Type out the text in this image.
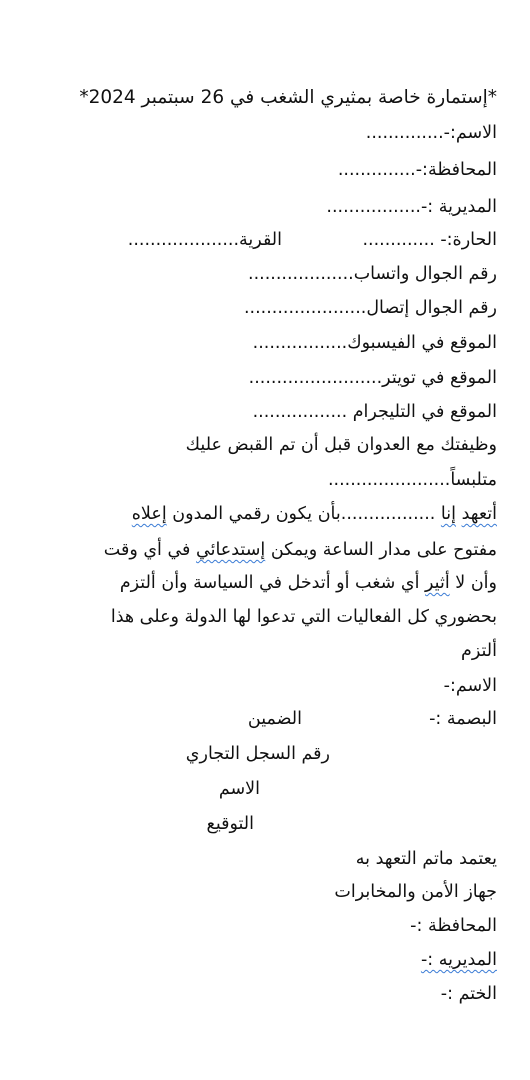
*إستمارة خاصة بمثيري الشغب في 26 سبتمبر 2024*
الاسم:-..............
المحافظة:-..............
المديرية :-.................
الحارة:- .............
القرية....................
رقم الجوال واتساب...................
رقم الجوال إتصال......................
الموقع في الفيسبوك.................
الموقع في تويتر........................
الموقع في التليجرام .................
وظيفتك مع العدوان قبل أن تم القبض عليك
متلبساً......................
أتعهد إنا .................بأن يكون رقمي المدون إعلاه
مفتوح على مدار الساعة ويمكن إستدعائي في أي وقت
وأن لا أثير أي شغب أو أتدخل في السياسة وأن ألتزم
بحضوري كل الفعاليات التي تدعوا لها الدولة وعلى هذا
ألتزم
الاسم:-
البصمة :-
الضمين
رقم السجل التجاري
الاسم
التوقيع
يعتمد ماتم التعهد به
جهاز الأمن والمخابرات
المحافظة :-
المديريه :-
الختم :-
